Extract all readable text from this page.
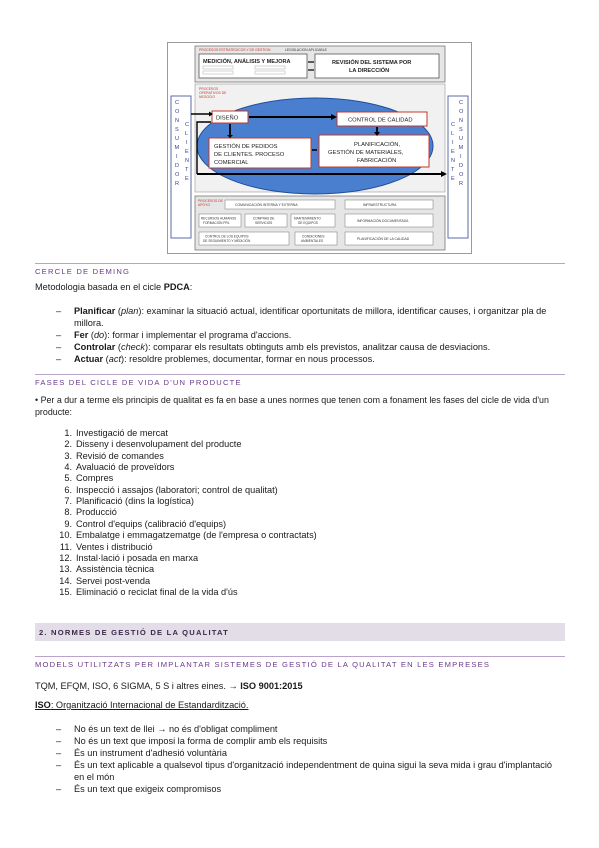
PROCESOS ESTRATEGICOS Y DE GESTION	LEGISLACION APLICABLE
MEDICIÓN, ANÁLISIS Y MEJORA	REVISIÓN DEL SISTEMA POR LA DIRECCIÓN
C O N S U M I D O R
C L I E N T E
C O N S U M I D O R
C L I E N T E
PROCESOS OPERATIVOS DE NEGOCIO
DISEÑO	CONTROL DE CALIDAD
GESTIÓN DE PEDIDOS DE CLIENTES. PROCESO COMERCIAL
PLANIFICACIÓN, GESTIÓN DE MATERIALES, FABRICACIÓN
PROCESOS DE APOYO	COMUNICACIÓN INTERNA Y EXTERNA	INFRAESTRUCTURA
RECURSOS HUMANOS FORMACIÓN PRL
COMPRAS DE SERVICIOS
MANTENIMIENTO DE EQUIPOS	INFORMACIÓN DOCUMENTADA
CONTROL DE LOS EQUIPOS DE SEGUIMIENTO Y MEDICIÓN
CONDICIONES AMBIENTALES	PLANIFICACIÓN DE LA CALIDAD
CERCLE DE DEMING
Metodologia basada en el cicle PDCA:
–	Planificar (plan): examinar la situació actual, identificar oportunitats de millora, identificar causes, i organitzar pla de millora.
–	Fer (do): formar i implementar el programa d'accions.
–	Controlar (check): comparar els resultats obtinguts amb els previstos, analitzar causa de desviacions.
–	Actuar (act): resoldre problemes, documentar, formar en nous processos.
FASES DEL CICLE DE VIDA D'UN PRODUCTE
• Per a dur a terme els principis de qualitat es fa en base a unes normes que tenen com a fonament les fases del cicle de vida d'un producte:
1. Investigació de mercat
2. Disseny i desenvolupament del producte
3. Revisió de comandes
4. Avaluació de proveïdors
5. Compres
6. Inspecció i assajos (laboratori; control de qualitat)
7. Planificació (dins la logística)
8. Producció
9. Control d'equips (calibració d'equips)
10. Embalatge i emmagatzematge (de l'empresa o contractats)
11. Ventes i distribució
12. Instal·lació i posada en marxa
13. Assistència tècnica
14. Servei post-venda
15. Eliminació o reciclat final de la vida d'ús
2. NORMES DE GESTIÓ DE LA QUALITAT
MODELS UTILITZATS PER IMPLANTAR SISTEMES DE GESTIÓ DE LA QUALITAT EN LES EMPRESES
TQM, EFQM, ISO, 6 SIGMA, 5 S i altres eines. → ISO 9001:2015
ISO: Organització Internacional de Estandardització.
–	No és un text de llei → no és d'obligat compliment
–	No és un text que imposi la forma de complir amb els requisits
–	És un instrument d'adhesió voluntària
–	És un text aplicable a qualsevol tipus d'organització independentment de quina sigui la seva mida i grau d'implantació en el món
–	És un text que exigeix compromisos
